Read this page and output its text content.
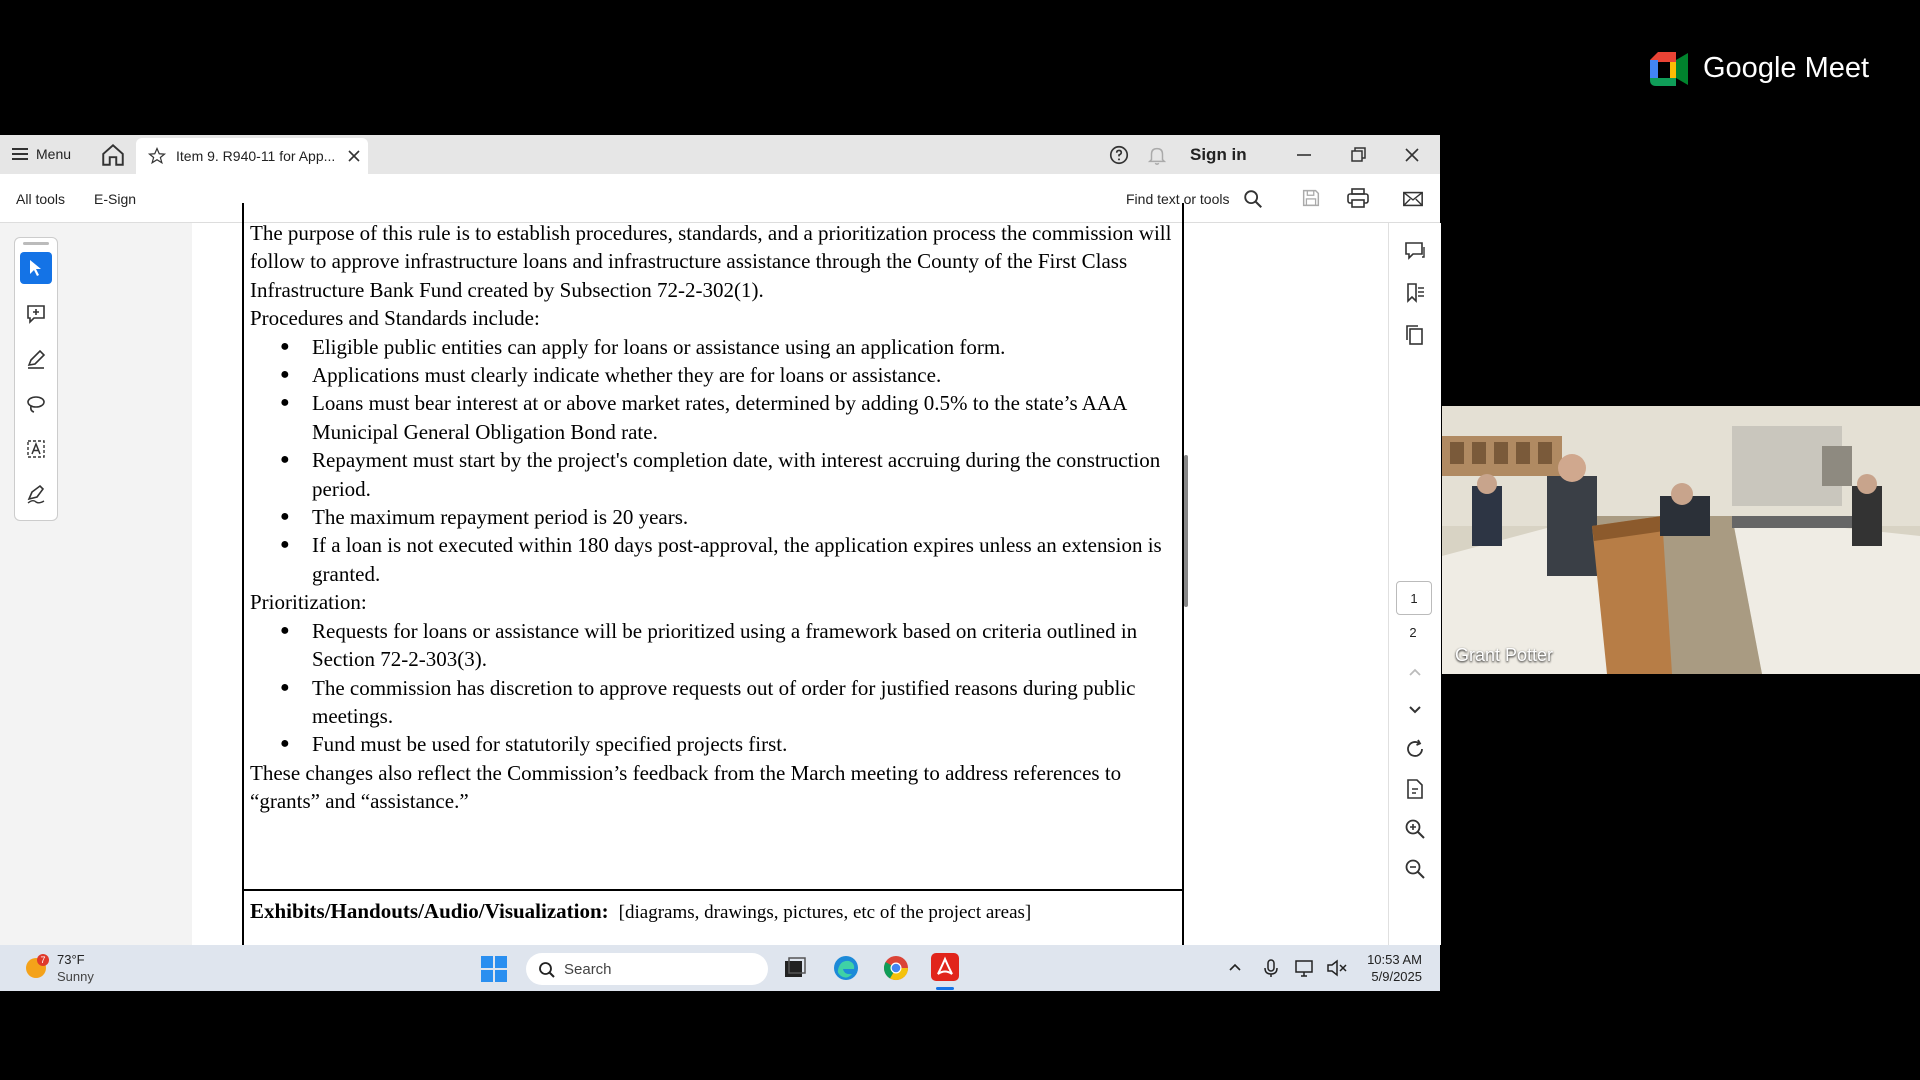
Menu	Item 9. R940-11 for App...	Sign in
All tools E-Sign	Find text or tools

The purpose of this rule is to establish procedures, standards, and a prioritization process the commission will follow to approve infrastructure loans and infrastructure assistance through the County of the First Class Infrastructure Bank Fund created by Subsection 72-2-302(1).

Procedures and Standards include:

● Eligible public entities can apply for loans or assistance using an application form.
● Applications must clearly indicate whether they are for loans or assistance.
● Loans must bear interest at or above market rates, determined by adding 0.5% to the state’s AAA Municipal General Obligation Bond rate.
● Repayment must start by the project's completion date, with interest accruing during the construction period.
● The maximum repayment period is 20 years.
● If a loan is not executed within 180 days post-approval, the application expires unless an extension is granted.

Prioritization:

● Requests for loans or assistance will be prioritized using a framework based on criteria outlined in Section 72-2-303(3).
● The commission has discretion to approve requests out of order for justified reasons during public meetings.
● Fund must be used for statutorily specified projects first.

These changes also reflect the Commission’s feedback from the March meeting to address references to “grants” and “assistance.”

Exhibits/Handouts/Audio/Visualization: [diagrams, drawings, pictures, etc of the project areas]
1
2
7 73°F
Sunny	Search
10:53 AM
5/9/2025
Google Meet
Grant Potter
